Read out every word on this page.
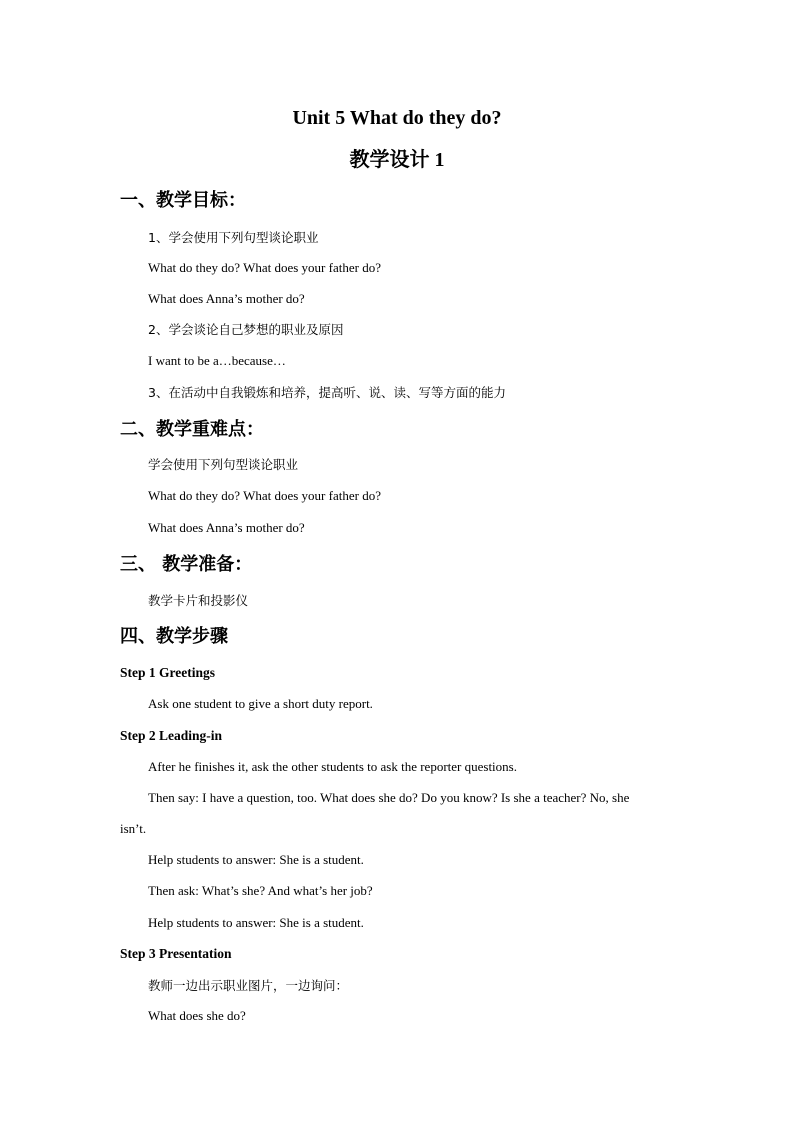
Unit 5 What do they do?
教学设计 1
一、教学目标：
1、学会使用下列句型谈论职业
What do they do? What does your father do?
What does Anna’s mother do?
2、学会谈论自己梦想的职业及原因
I want to be a…because…
3、在活动中自我锻炼和培养，提高听、说、读、写等方面的能力
二、教学重难点：
学会使用下列句型谈论职业
What do they do? What does your father do?
What does Anna’s mother do?
三、 教学准备：
教学卡片和投影仪
四、教学步骤
Step 1 Greetings
Ask one student to give a short duty report.
Step 2 Leading-in
After he finishes it, ask the other students to ask the reporter questions.
Then say: I have a question, too. What does she do? Do you know? Is she a teacher? No, she
isn’t.
Help students to answer: She is a student.
Then ask: What’s she? And what’s her job?
Help students to answer: She is a student.
Step 3 Presentation
教师一边出示职业图片，一边询问：
What does she do?
